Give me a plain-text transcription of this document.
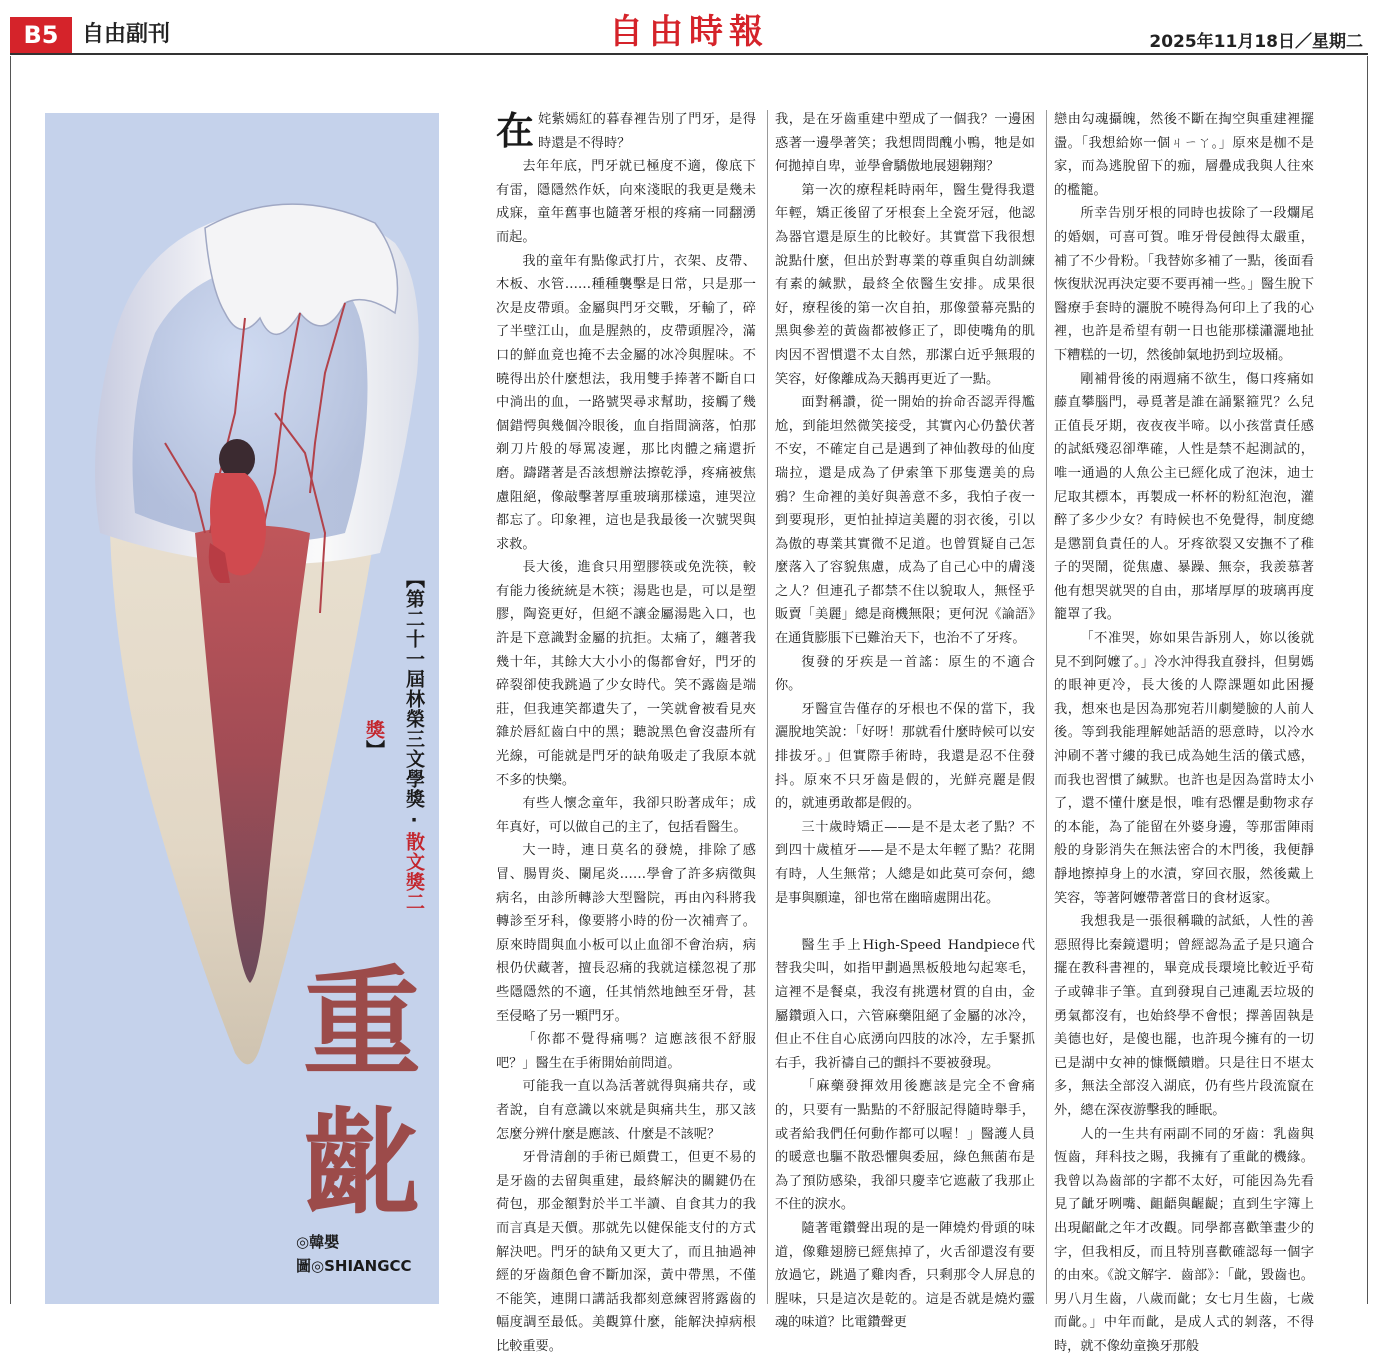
B5	自由副刊	自由時報	2025年11月18日／星期二
【第二十一屆林榮三文學獎‧散文獎二獎】
重
齔
◎韓嬰
圖◎SHIANGCC

在姹紫嫣紅的暮春裡告別了門牙，是得時還是不得時？

去年年底，門牙就已極度不適，像底下有雷，隱隱然作妖，向來淺眠的我更是幾未成寐，童年舊事也隨著牙根的疼痛一同翻湧而起。

我的童年有點像武打片，衣架、皮帶、木板、水管……種種襲擊是日常，只是那一次是皮帶頭。金屬與門牙交戰，牙輸了，碎了半壁江山，血是腥熱的，皮帶頭腥冷，滿口的鮮血竟也掩不去金屬的冰冷與腥味。不曉得出於什麼想法，我用雙手捧著不斷自口中淌出的血，一路號哭尋求幫助，接觸了幾個錯愕與幾個冷眼後，血自指間滴落，怕那剃刀片般的辱罵凌遲，那比肉體之痛還折磨。躊躇著是否該想辦法擦乾淨，疼痛被焦慮阻絕，像敲擊著厚重玻璃那樣遠，連哭泣都忘了。印象裡，這也是我最後一次號哭與求救。

長大後，進食只用塑膠筷或免洗筷，較有能力後統統是木筷；湯匙也是，可以是塑膠，陶瓷更好，但絕不讓金屬湯匙入口，也許是下意識對金屬的抗拒。太痛了，纏著我幾十年，其餘大大小小的傷都會好，門牙的碎裂卻使我跳過了少女時代。笑不露齒是端莊，但我連笑都遺失了，一笑就會被看見夾雜於唇紅齒白中的黑；聽說黑色會沒盡所有光線，可能就是門牙的缺角吸走了我原本就不多的快樂。

有些人懷念童年，我卻只盼著成年；成年真好，可以做自己的主了，包括看醫生。

大一時，連日莫名的發燒，排除了感冒、腸胃炎、闌尾炎……學會了許多病徵與病名，由診所轉診大型醫院，再由內科將我轉診至牙科，像要將小時的份一次補齊了。原來時間與血小板可以止血卻不會治病，病根仍伏藏著，擅長忍痛的我就這樣忽視了那些隱隱然的不適，任其悄然地蝕至牙骨，甚至侵略了另一顆門牙。

「你都不覺得痛嗎？這應該很不舒服吧？」醫生在手術開始前問道。

可能我一直以為活著就得與痛共存，或者說，自有意識以來就是與痛共生，那又該怎麼分辨什麼是應該、什麼是不該呢？

牙骨清創的手術已頗費工，但更不易的是牙齒的去留與重建，最終解決的關鍵仍在荷包，那金額對於半工半讀、自食其力的我而言真是天價。那就先以健保能支付的方式解決吧。門牙的缺角又更大了，而且抽過神經的牙齒顏色會不斷加深，黃中帶黑，不僅不能笑，連開口講話我都刻意練習將露齒的幅度調至最低。美觀算什麼，能解決掉病根比較重要。

我，是在牙齒重建中塑成了一個我？一邊困惑著一邊學著笑；我想問問醜小鴨，牠是如何拋掉自卑，並學會驕傲地展翅翱翔？

第一次的療程耗時兩年，醫生覺得我還年輕，矯正後留了牙根套上全瓷牙冠，他認為器官還是原生的比較好。其實當下我很想說點什麼，但出於對專業的尊重與自幼訓練有素的緘默，最終全依醫生安排。成果很好，療程後的第一次自拍，那像螢幕亮點的黑與參差的黃齒都被修正了，即使嘴角的肌肉因不習慣還不太自然，那潔白近乎無瑕的笑容，好像離成為天鵝再更近了一點。

面對稱讚，從一開始的拚命否認弄得尷尬，到能坦然微笑接受，其實內心仍蟄伏著不安，不確定自己是遇到了神仙教母的仙度瑞拉，還是成為了伊索筆下那隻選美的烏鴉？生命裡的美好與善意不多，我怕子夜一到要現形，更怕扯掉這美麗的羽衣後，引以為傲的專業其實微不足道。也曾質疑自己怎麼落入了容貌焦慮，成為了自己心中的膚淺之人？但連孔子都禁不住以貌取人，無怪乎販賣「美麗」總是商機無限；更何況《論語》在通貨膨脹下已難治天下，也治不了牙疼。

復發的牙疾是一首謠：原生的不適合你。

牙醫宣告僅存的牙根也不保的當下，我灑脫地笑說：「好呀！那就看什麼時候可以安排拔牙。」但實際手術時，我還是忍不住發抖。原來不只牙齒是假的，光鮮亮麗是假的，就連勇敢都是假的。

三十歲時矯正——是不是太老了點？不到四十歲植牙——是不是太年輕了點？花開有時，人生無常；人總是如此莫可奈何，總是事與願違，卻也常在幽暗處開出花。

醫生手上High-Speed Handpiece代替我尖叫，如指甲劃過黑板般地勾起寒毛，這裡不是餐桌，我沒有挑選材質的自由，金屬鑽頭入口，六管麻藥阻絕了金屬的冰冷，但止不住自心底湧向四肢的冰冷，左手緊抓右手，我祈禱自己的顫抖不要被發現。

「麻藥發揮效用後應該是完全不會痛的，只要有一點點的不舒服記得隨時舉手，或者給我們任何動作都可以喔！」醫護人員的暖意也驅不散恐懼與委屈，綠色無菌布是為了預防感染，我卻只慶幸它遮蔽了我那止不住的淚水。

隨著電鑽聲出現的是一陣燒灼骨頭的味道，像雞翅膀已經焦掉了，火舌卻還沒有要放過它，跳過了雞肉香，只剩那令人屏息的腥味，只是這次是乾的。這是否就是燒灼靈魂的味道？比電鑽聲更

戀由勾魂攝魄，然後不斷在掏空與重建裡擺盪。「我想給妳一個ㄐㄧㄚ。」原來是枷不是家，而為逃脫留下的痂，層疊成我與人往來的檻籠。

所幸告別牙根的同時也拔除了一段爛尾的婚姻，可喜可賀。唯牙骨侵蝕得太嚴重，補了不少骨粉。「我替妳多補了一點，後面看恢復狀況再決定要不要再補一些。」醫生脫下醫療手套時的灑脫不曉得為何印上了我的心裡，也許是希望有朝一日也能那樣瀟灑地扯下糟糕的一切，然後帥氣地扔到垃圾桶。

剛補骨後的兩週痛不欲生，傷口疼痛如藤直攀腦門，尋覓著是誰在誦緊箍咒？么兒正值長牙期，夜夜夜半啼。以小孩當責任感的試紙殘忍卻準確，人性是禁不起測試的，唯一通過的人魚公主已經化成了泡沫，迪士尼取其標本，再製成一杯杯的粉紅泡泡，灌醉了多少少女？有時候也不免覺得，制度總是懲罰負責任的人。牙疼欲裂又安撫不了稚子的哭鬧，從焦慮、暴躁、無奈，我羨慕著他有想哭就哭的自由，那堵厚厚的玻璃再度籠罩了我。

「不准哭，妳如果告訴別人，妳以後就見不到阿嬤了。」冷水沖得我直發抖，但舅媽的眼神更冷，長大後的人際課題如此困擾我，想來也是因為那宛若川劇變臉的人前人後。等到我能理解她話語的惡意時，以冷水沖刷不著寸縷的我已成為她生活的儀式感，而我也習慣了緘默。也許也是因為當時太小了，還不懂什麼是恨，唯有恐懼是動物求存的本能，為了能留在外婆身邊，等那雷陣雨般的身影消失在無法密合的木門後，我便靜靜地擦掉身上的水漬，穿回衣服，然後戴上笑容，等著阿嬤帶著當日的食材返家。

我想我是一張很稱職的試紙，人性的善惡照得比秦鏡還明；曾經認為孟子是只適合擺在教科書裡的，畢竟成長環境比較近乎荀子或韓非子筆。直到發現自己連亂丟垃圾的勇氣都沒有，也始終學不會恨；擇善固執是美德也好，是傻也罷，也許現今擁有的一切已是湖中女神的慷慨饋贈。只是往日不堪太多，無法全部沒入湖底，仍有些片段流竄在外，總在深夜游擊我的睡眠。

人的一生共有兩副不同的牙齒：乳齒與恆齒，拜科技之賜，我擁有了重齔的機緣。我曾以為齒部的字都不太好，可能因為先看見了齜牙咧嘴、齟齬與齷齪；直到生字簿上出現齠齔之年才改觀。同學都喜歡筆畫少的字，但我相反，而且特別喜歡確認每一個字的由來。《說文解字．齒部》：「齔，毀齒也。男八月生齒，八歲而齔；女七月生齒，七歲而齔。」中年而齔，是成人式的剝落，不得時，就不像幼童換牙那般
